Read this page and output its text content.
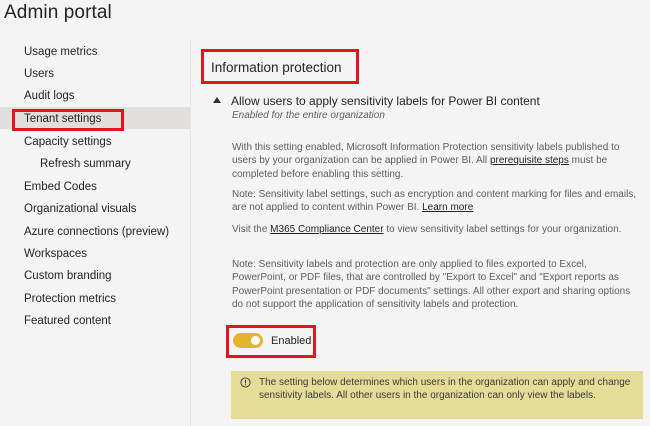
Admin portal
Usage metrics
Users
Audit logs
Tenant settings
Capacity settings
Refresh summary
Embed Codes
Organizational visuals
Azure connections (preview)
Workspaces
Custom branding
Protection metrics
Featured content
Information protection
Allow users to apply sensitivity labels for Power BI content
Enabled for the entire organization

With this setting enabled, Microsoft Information Protection sensitivity labels published to users by your organization can be applied in Power BI. All prerequisite steps must be completed before enabling this setting.

Note: Sensitivity label settings, such as encryption and content marking for files and emails, are not applied to content within Power BI. Learn more

Visit the M365 Compliance Center to view sensitivity label settings for your organization.

Note: Sensitivity labels and protection are only applied to files exported to Excel, PowerPoint, or PDF files, that are controlled by "Export to Excel" and "Export reports as PowerPoint presentation or PDF documents" settings. All other export and sharing options do not support the application of sensitivity labels and protection.

Enabled
The setting below determines which users in the organization can apply and change sensitivity labels. All other users in the organization can only view the labels.
